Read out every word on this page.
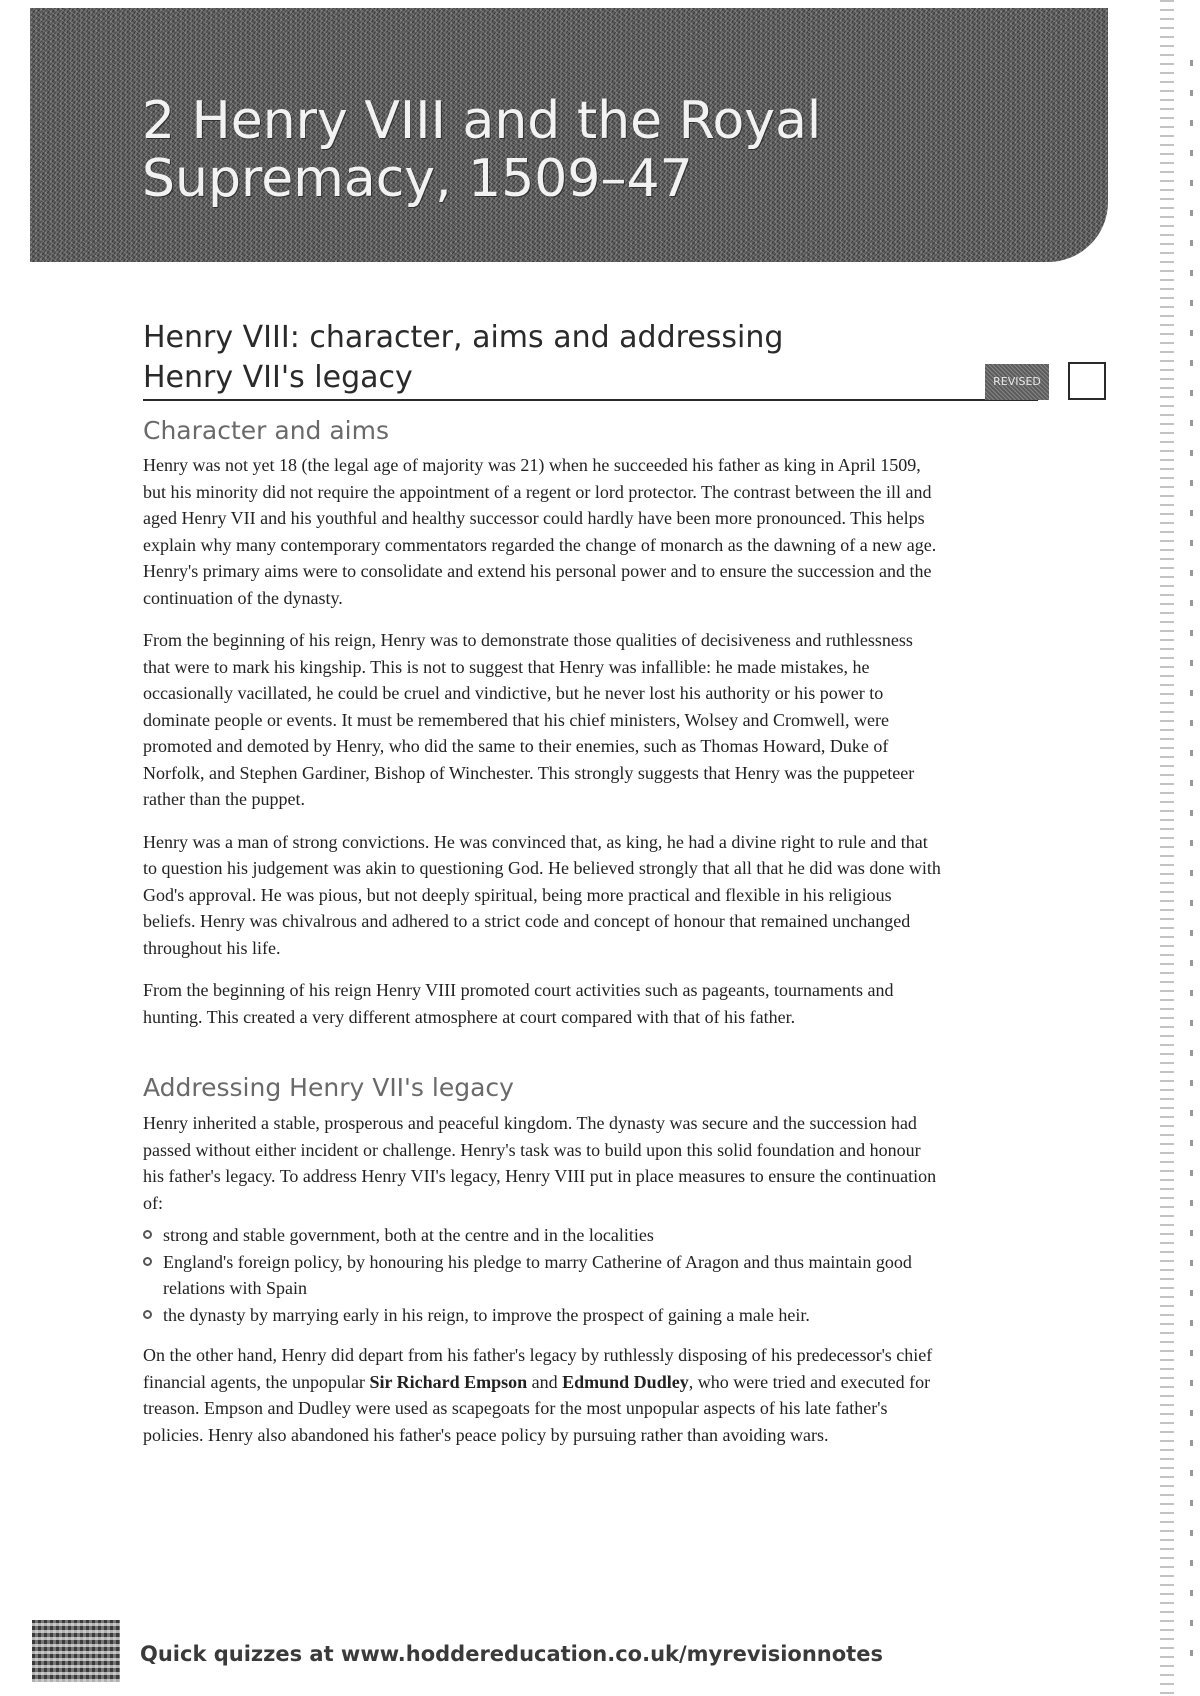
2 Henry VIII and the Royal
Supremacy, 1509–47
Henry VIII: character, aims and addressing
Henry VII's legacy	REVISED
Character and aims

Henry was not yet 18 (the legal age of majority was 21) when he succeeded his father as king in April 1509, but his minority did not require the appointment of a regent or lord protector. The contrast between the ill and aged Henry VII and his youthful and healthy successor could hardly have been more pronounced. This helps explain why many contemporary commentators regarded the change of monarch as the dawning of a new age. Henry's primary aims were to consolidate and extend his personal power and to ensure the succession and the continuation of the dynasty.

From the beginning of his reign, Henry was to demonstrate those qualities of decisiveness and ruthlessness that were to mark his kingship. This is not to suggest that Henry was infallible: he made mistakes, he occasionally vacillated, he could be cruel and vindictive, but he never lost his authority or his power to dominate people or events. It must be remembered that his chief ministers, Wolsey and Cromwell, were promoted and demoted by Henry, who did the same to their enemies, such as Thomas Howard, Duke of Norfolk, and Stephen Gardiner, Bishop of Winchester. This strongly suggests that Henry was the puppeteer rather than the puppet.

Henry was a man of strong convictions. He was convinced that, as king, he had a divine right to rule and that to question his judgement was akin to questioning God. He believed strongly that all that he did was done with God's approval. He was pious, but not deeply spiritual, being more practical and flexible in his religious beliefs. Henry was chivalrous and adhered to a strict code and concept of honour that remained unchanged throughout his life.

From the beginning of his reign Henry VIII promoted court activities such as pageants, tournaments and hunting. This created a very different atmosphere at court compared with that of his father.

Addressing Henry VII's legacy

Henry inherited a stable, prosperous and peaceful kingdom. The dynasty was secure and the succession had passed without either incident or challenge. Henry's task was to build upon this solid foundation and honour his father's legacy. To address Henry VII's legacy, Henry VIII put in place measures to ensure the continuation of:

strong and stable government, both at the centre and in the localities
England's foreign policy, by honouring his pledge to marry Catherine of Aragon and thus maintain good relations with Spain
the dynasty by marrying early in his reign, to improve the prospect of gaining a male heir.

On the other hand, Henry did depart from his father's legacy by ruthlessly disposing of his predecessor's chief financial agents, the unpopular Sir Richard Empson and Edmund Dudley, who were tried and executed for treason. Empson and Dudley were used as scapegoats for the most unpopular aspects of his late father's policies. Henry also abandoned his father's peace policy by pursuing rather than avoiding wars.

Quick quizzes at www.hoddereducation.co.uk/myrevisionnotes
